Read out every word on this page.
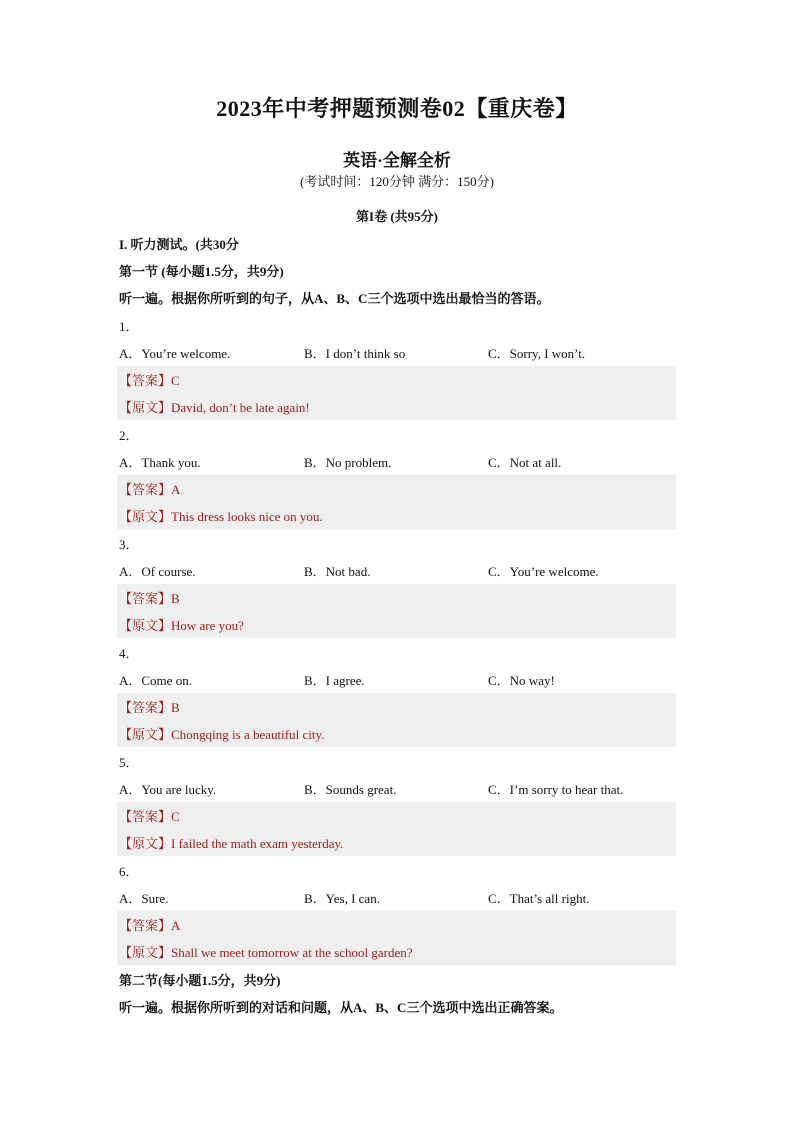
2023年中考押题预测卷02【重庆卷】
英语·全解全析
(考试时间：120分钟 满分：150分)
第I卷 (共95分)
I. 听力测试。(共30分
第一节 (每小题1.5分，共9分)
听一遍。根据你所听到的句子，从A、B、C三个选项中选出最恰当的答语。
1．
A．You’re welcome.	B．I don’t think so	C．Sorry, I won’t.
【答案】C
【原文】David, don’t be late again!
2．
A．Thank you.	B．No problem.	C．Not at all.
【答案】A
【原文】This dress looks nice on you.
3．
A．Of course.	B．Not bad.	C．You’re welcome.
【答案】B
【原文】How are you?
4．
A．Come on.	B．I agree.	C．No way!
【答案】B
【原文】Chongqing is a beautiful city.
5．
A．You are lucky.	B．Sounds great.	C．I’m sorry to hear that.
【答案】C
【原文】I failed the math exam yesterday.
6．
A．Sure.	B．Yes, I can.	C．That’s all right.
【答案】A
【原文】Shall we meet tomorrow at the school garden?
第二节(每小题1.5分，共9分)
听一遍。根据你所听到的对话和问题，从A、B、C三个选项中选出正确答案。
